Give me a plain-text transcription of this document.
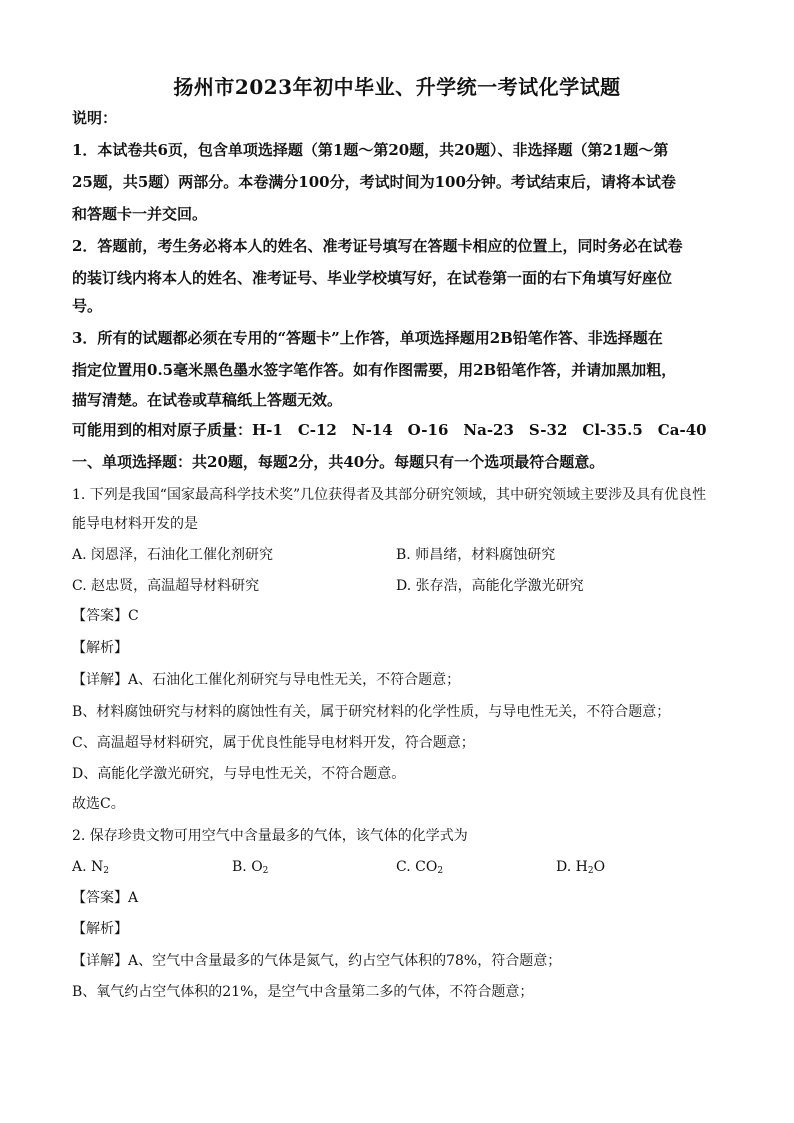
扬州市2023年初中毕业、升学统一考试化学试题
说明：
1．本试卷共6页，包含单项选择题（第1题～第20题，共20题）、非选择题（第21题～第
25题，共5题）两部分。本卷满分100分，考试时间为100分钟。考试结束后，请将本试卷
和答题卡一并交回。
2．答题前，考生务必将本人的姓名、准考证号填写在答题卡相应的位置上，同时务必在试卷
的装订线内将本人的姓名、准考证号、毕业学校填写好，在试卷第一面的右下角填写好座位
号。
3．所有的试题都必须在专用的“答题卡”上作答，单项选择题用2B铅笔作答、非选择题在
指定位置用0.5毫米黑色墨水签字笔作答。如有作图需要，用2B铅笔作答，并请加黑加粗，
描写清楚。在试卷或草稿纸上答题无效。
可能用到的相对原子质量：H-1　C-12　N-14　O-16　Na-23　S-32　Cl-35.5　Ca-40
一、单项选择题：共20题，每题2分，共40分。每题只有一个选项最符合题意。
1. 下列是我国“国家最高科学技术奖”几位获得者及其部分研究领域，其中研究领域主要涉及具有优良性
能导电材料开发的是
A. 闵恩泽，石油化工催化剂研究	B. 师昌绪，材料腐蚀研究
C. 赵忠贤，高温超导材料研究	D. 张存浩，高能化学激光研究
【答案】C
【解析】
【详解】A、石油化工催化剂研究与导电性无关，不符合题意；
B、材料腐蚀研究与材料的腐蚀性有关，属于研究材料的化学性质，与导电性无关，不符合题意；
C、高温超导材料研究，属于优良性能导电材料开发，符合题意；
D、高能化学激光研究，与导电性无关，不符合题意。
故选C。
2. 保存珍贵文物可用空气中含量最多的气体，该气体的化学式为
A. $N_2$	B. $O_2$	C. $CO_2$	D. $H_2O$
【答案】A
【解析】
【详解】A、空气中含量最多的气体是氮气，约占空气体积的78%，符合题意；
B、氧气约占空气体积的21%，是空气中含量第二多的气体，不符合题意；
